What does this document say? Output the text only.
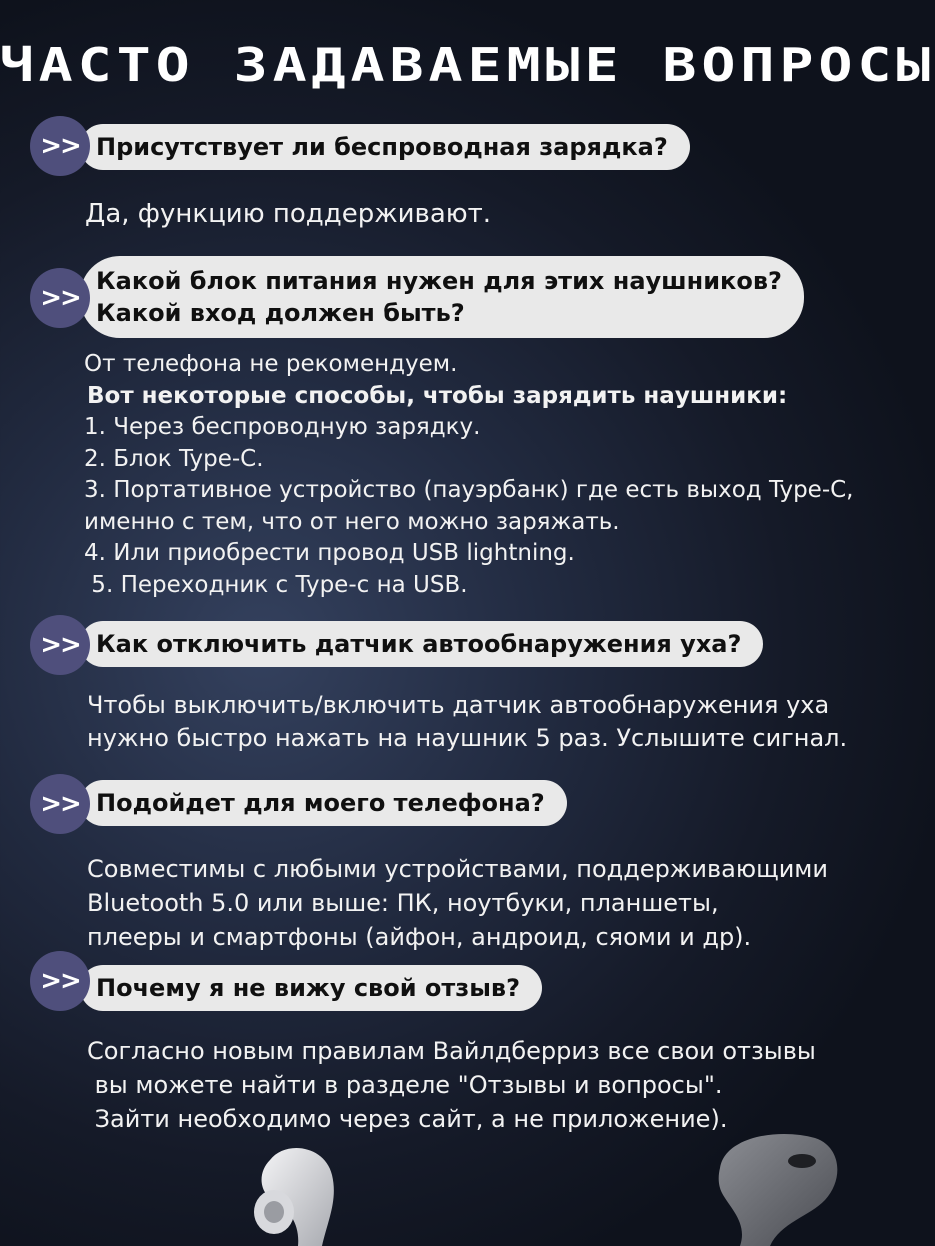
ЧАСТО ЗАДАВАЕМЫЕ ВОПРОСЫ
Присутствует ли беспроводная зарядка?
>>
Да, функцию поддерживают.
Какой блок питания нужен для этих наушников?
Какой вход должен быть?
>>
От телефона не рекомендуем.
Вот некоторые способы, чтобы зарядить наушники:
1. Через беспроводную зарядку.
2. Блок Type-C.
3. Портативное устройство (пауэрбанк) где есть выход Type-C,
именно с тем, что от него можно заряжать.
4. Или приобрести провод USB lightning.
5. Переходник с Type-c на USB.
Как отключить датчик автообнаружения уха?
>>
Чтобы выключить/включить датчик автообнаружения уха
нужно быстро нажать на наушник 5 раз. Услышите сигнал.
Подойдет для моего телефона?
>>
Совместимы с любыми устройствами, поддерживающими
Bluetooth 5.0 или выше: ПК, ноутбуки, планшеты,
плееры и смартфоны (айфон, андроид, сяоми и др).
Почему я не вижу свой отзыв?
>>
Согласно новым правилам Вайлдберриз все свои отзывы
вы можете найти в разделе "Отзывы и вопросы".
Зайти необходимо через сайт, а не приложение).
